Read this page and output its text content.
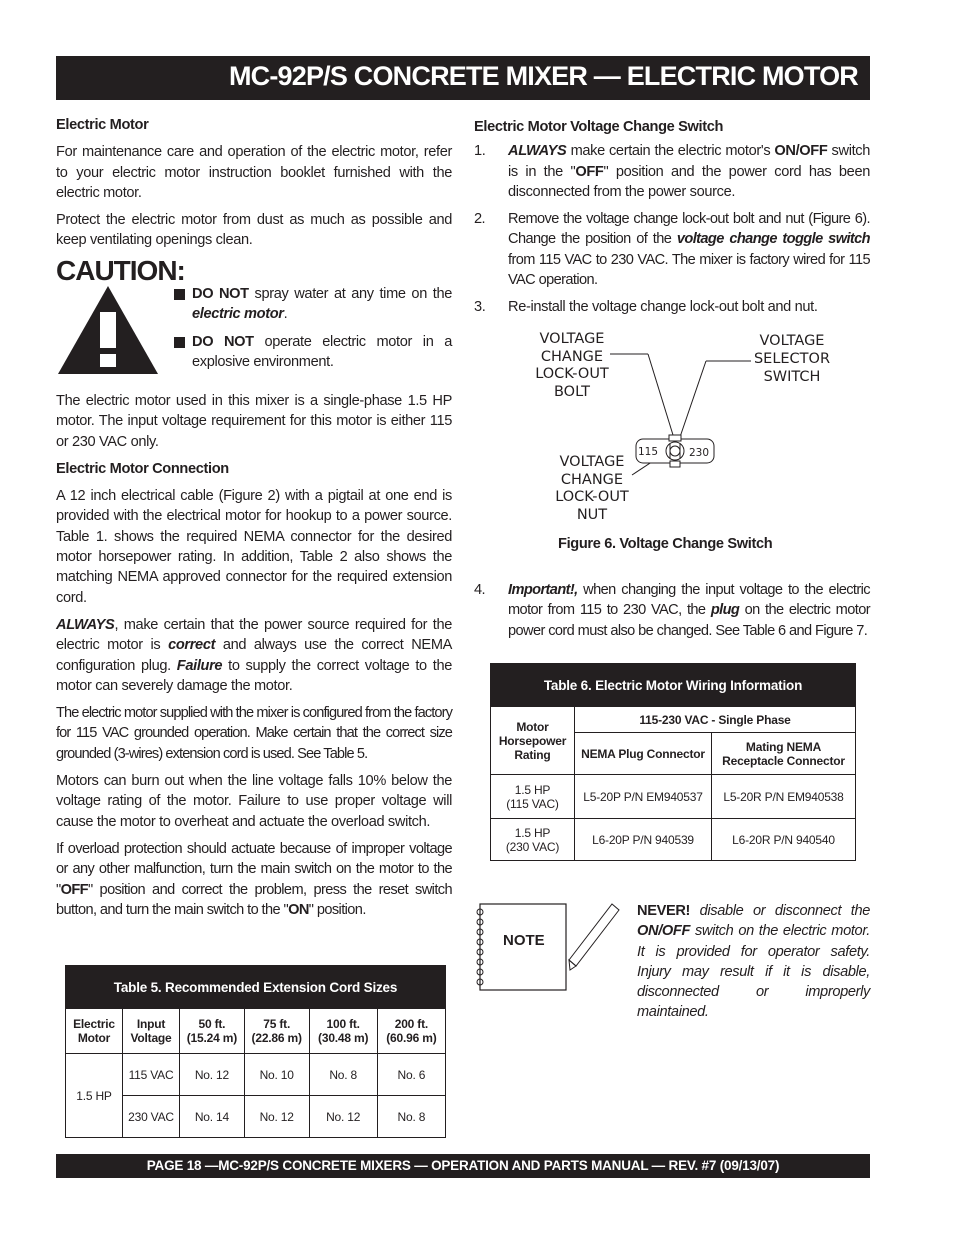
MC-92P/S CONCRETE MIXER — ELECTRIC MOTOR
Electric Motor

For maintenance care and operation of the electric motor, refer to your electric motor instruction booklet furnished with the electric motor.

Protect the electric motor from dust as much as possible and keep ventilating openings clean.

CAUTION:
DO NOT spray water at any time on the electric motor.
DO NOT operate electric motor in a explosive environment.

The electric motor used in this mixer is a single-phase 1.5 HP motor. The input voltage requirement for this motor is either 115 or 230 VAC only.

Electric Motor Connection

A 12 inch electrical cable (Figure 2) with a pigtail at one end is provided with the electrical motor for hookup to a power source. Table 1. shows the required NEMA connector for the desired motor horsepower rating. In addition, Table 2 also shows the matching NEMA approved connector for the required extension cord.

ALWAYS, make certain that the power source required for the electric motor is correct and always use the correct NEMA configuration plug. Failure to supply the correct voltage to the motor can severely damage the motor.

The electric motor supplied with the mixer is configured from the factory for 115 VAC grounded operation. Make certain that the correct size grounded (3-wires) extension cord is used. See Table 5.

Motors can burn out when the line voltage falls 10% below the voltage rating of the motor. Failure to use proper voltage will cause the motor to overheat and actuate the overload switch.

If overload protection should actuate because of improper voltage or any other malfunction, turn the main switch on the motor to the "OFF" position and correct the problem, press the reset switch button, and turn the main switch to the "ON" position.

Table 5. Recommended Extension Cord Sizes					
Electric Motor	Input Voltage	50 ft. (15.24 m)	75 ft. (22.86 m)	100 ft. (30.48 m)	200 ft. (60.96 m)
1.5 HP	115 VAC	No. 12	No. 10	No. 8	No. 6
	230 VAC	No. 14	No. 12	No. 12	No. 8
Electric Motor Voltage Change Switch
1. ALWAYS make certain the electric motor's ON/OFF switch is in the "OFF" position and the power cord has been disconnected from the power source.
2. Remove the voltage change lock-out bolt and nut (Figure 6). Change the position of the voltage change toggle switch from 115 VAC to 230 VAC. The mixer is factory wired for 115 VAC operation.
3. Re-install the voltage change lock-out bolt and nut.
VOLTAGE
CHANGE
LOCK-OUT
BOLT
VOLTAGE
SELECTOR
SWITCH
VOLTAGE
CHANGE
LOCK-OUT
NUT
115	230
Figure 6. Voltage Change Switch
4. Important!, when changing the input voltage to the electric motor from 115 to 230 VAC, the plug on the electric motor power cord must also be changed. See Table 6 and Figure 7.
Table 6. Electric Motor Wiring Information		
Motor Horsepower Rating	115-230 VAC - Single Phase	
	NEMA Plug Connector	Mating NEMA Receptacle Connector
1.5 HP
(115 VAC)	L5-20P P/N EM940537	L5-20R P/N EM940538
1.5 HP
(230 VAC)	L6-20P P/N 940539	L6-20R P/N 940540
NOTE
NEVER! disable or disconnect the ON/OFF switch on the electric motor. It is provided for operator safety. Injury may result if it is disable, disconnected or improperly maintained.
PAGE 18 —MC-92P/S CONCRETE MIXERS — OPERATION AND PARTS MANUAL — REV. #7 (09/13/07)
